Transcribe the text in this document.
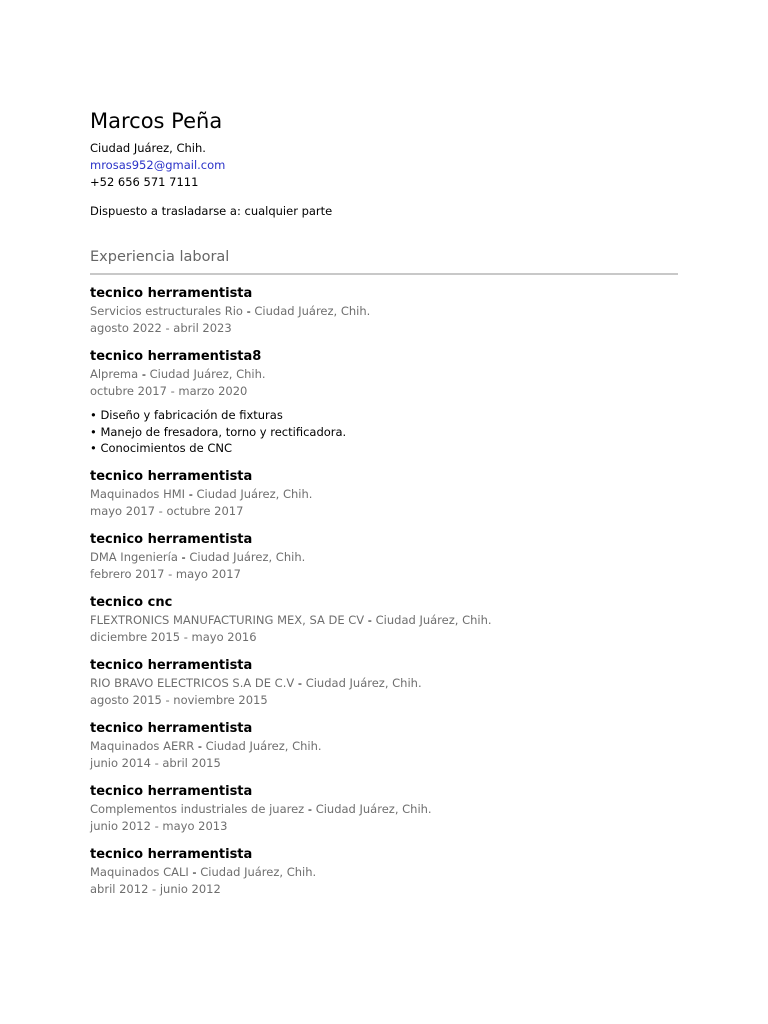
Marcos Peña
Ciudad Juárez, Chih.
mrosas952@gmail.com
+52 656 571 7111
Dispuesto a trasladarse a: cualquier parte
Experiencia laboral
tecnico herramentista
Servicios estructurales Rio - Ciudad Juárez, Chih.
agosto 2022 - abril 2023
tecnico herramentista8
Alprema - Ciudad Juárez, Chih.
octubre 2017 - marzo 2020
• Diseño y fabricación de fixturas
• Manejo de fresadora, torno y rectificadora.
• Conocimientos de CNC
tecnico herramentista
Maquinados HMI - Ciudad Juárez, Chih.
mayo 2017 - octubre 2017
tecnico herramentista
DMA Ingeniería - Ciudad Juárez, Chih.
febrero 2017 - mayo 2017
tecnico cnc
FLEXTRONICS MANUFACTURING MEX, SA DE CV - Ciudad Juárez, Chih.
diciembre 2015 - mayo 2016
tecnico herramentista
RIO BRAVO ELECTRICOS S.A DE C.V - Ciudad Juárez, Chih.
agosto 2015 - noviembre 2015
tecnico herramentista
Maquinados AERR - Ciudad Juárez, Chih.
junio 2014 - abril 2015
tecnico herramentista
Complementos industriales de juarez - Ciudad Juárez, Chih.
junio 2012 - mayo 2013
tecnico herramentista
Maquinados CALI - Ciudad Juárez, Chih.
abril 2012 - junio 2012
